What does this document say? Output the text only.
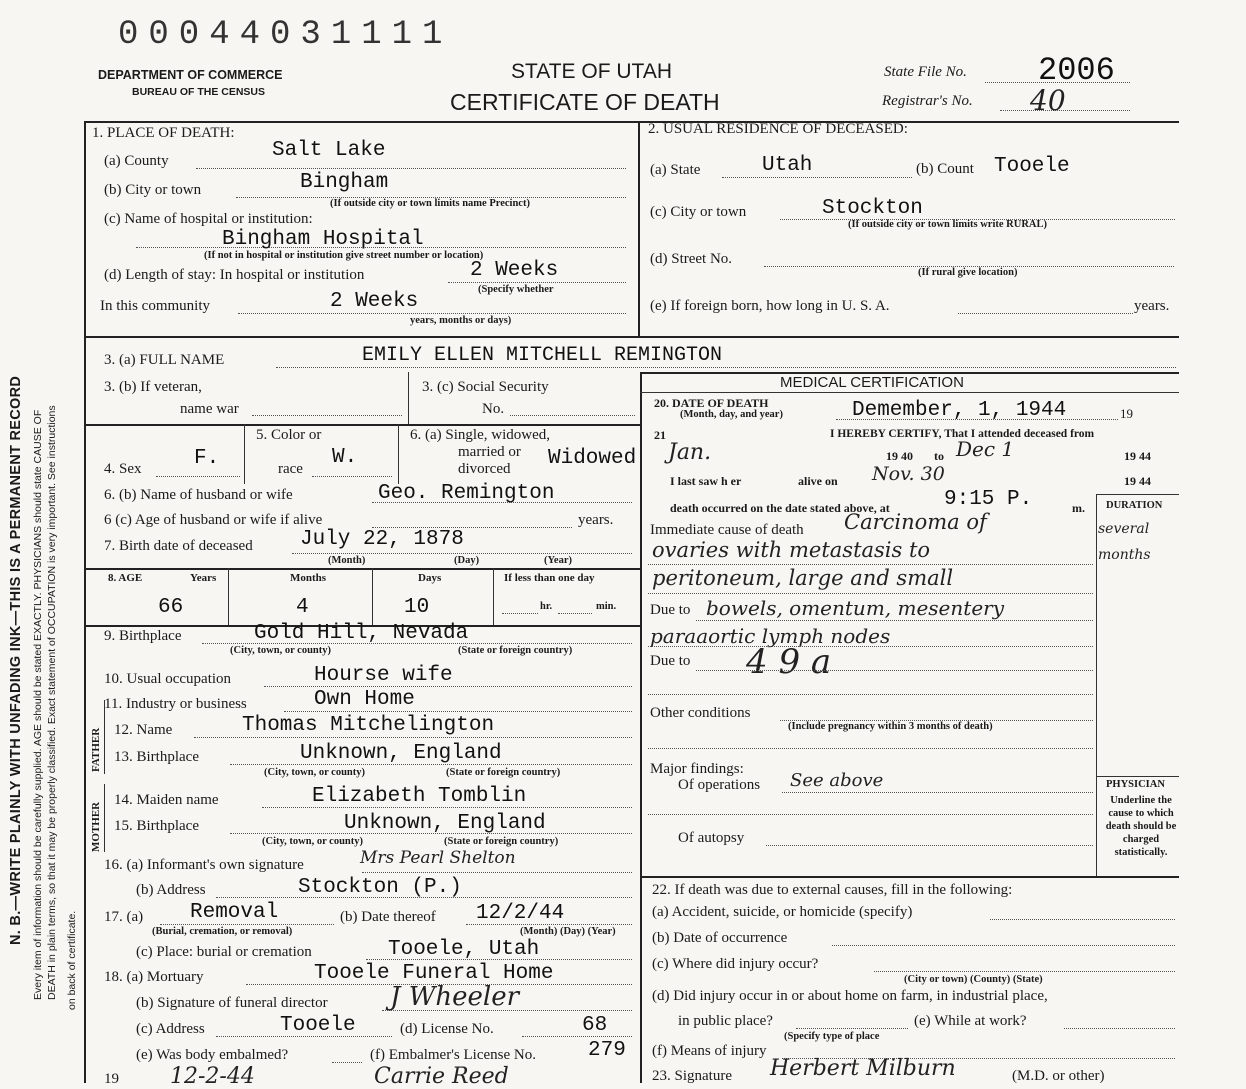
N. B.—WRITE PLAINLY WITH UNFADING INK—THIS IS A PERMANENT RECORD Every item of information should be carefully supplied. AGE should be stated EXACTLY. PHYSICIANS should state CAUSE OF DEATH in plain terms, so that it may be properly classified. Exact statement of OCCUPATION is very important. See instructions on back of certificate.
00044031111
DEPARTMENT OF COMMERCE
BUREAU OF THE CENSUS
STATE OF UTAH
CERTIFICATE OF DEATH
State File No. 2006
Registrar's No. 40
1. PLACE OF DEATH:
(a) County	Salt Lake
(b) City or town	Bingham
(If outside city or town limits name Precinct)
(c) Name of hospital or institution:
Bingham Hospital
(If not in hospital or institution give street number or location)
(d) Length of stay: In hospital or institution	2 Weeks
(Specify whether
In this community	2 Weeks
years, months or days)
2. USUAL RESIDENCE OF DECEASED:
(a) State	Utah	(b) Count Tooele
(c) City or town	Stockton
(If outside city or town limits write RURAL)
(d) Street No.
(If rural give location)
(e) If foreign born, how long in U. S. A.	years.
3. (a) FULL NAME	EMILY ELLEN MITCHELL REMINGTON
3. (b) If veteran,
name war
3. (c) Social Security
No.
MEDICAL CERTIFICATION
20. DATE OF DEATH
(Month, day, and year)	Demember, 1, 1944	19
21	I HEREBY CERTIFY, That I attended deceased from
Jan.	19 40 to Dec 1	19 44
I last saw h er	alive on Nov. 30	19 44
death occurred on the date stated above, at	9:15 P.	m. DURATION
Immediate cause of death Carcinoma of
ovaries with metastasis to
peritoneum, large and small
several months
Due to bowels, omentum, mesentery
paraaortic lymph nodes
Due to 4 9 a
Other conditions
(Include pregnancy within 3 months of death)
Major findings:
Of operations See above
Of autopsy
PHYSICIAN
Underline the cause to which death should be charged statistically.
4. Sex	F.
5. Color or
race W.
6. (a) Single, widowed,
married or
divorced Widowed
6. (b) Name of husband or wife	Geo. Remington
6 (c) Age of husband or wife if alive	years.
7. Birth date of deceased July 22, 1878
(Month)	(Day)	(Year)
8. AGE	Years	Months	Days	If less than one day
66	4	10	hr.	min.
9. Birthplace	Gold Hill, Nevada
(City, town, or county)	(State or foreign country)
10. Usual occupation	Hourse wife
11. Industry or business	Own Home
FATHER
MOTHER
12. Name	Thomas Mitchelington
13. Birthplace	Unknown, England
(City, town, or county)	(State or foreign country)
14. Maiden name	Elizabeth Tomblin
15. Birthplace	Unknown, England
(City, town, or county)	(State or foreign country)
16. (a) Informant's own signature	Mrs Pearl Shelton
(b) Address	Stockton (P.)
17. (a) Removal
(Burial, cremation, or removal)
(b) Date thereof 12/2/44
(Month) (Day) (Year)
(c) Place: burial or cremation	Tooele, Utah
18. (a) Mortuary	Tooele Funeral Home
(b) Signature of funeral director J Wheeler
(c) Address	Tooele	(d) License No.	68
(e) Was body embalmed?	(f) Embalmer's License No. 279
19 12-2-44	Carrie Reed
22. If death was due to external causes, fill in the following:
(a) Accident, suicide, or homicide (specify)
(b) Date of occurrence
(c) Where did injury occur?
(City or town) (County) (State)
(d) Did injury occur in or about home on farm, in industrial place,
in public place?
(Specify type of place
(e) While at work?
(f) Means of injury
23. Signature Herbert Milburn	(M.D. or other)
